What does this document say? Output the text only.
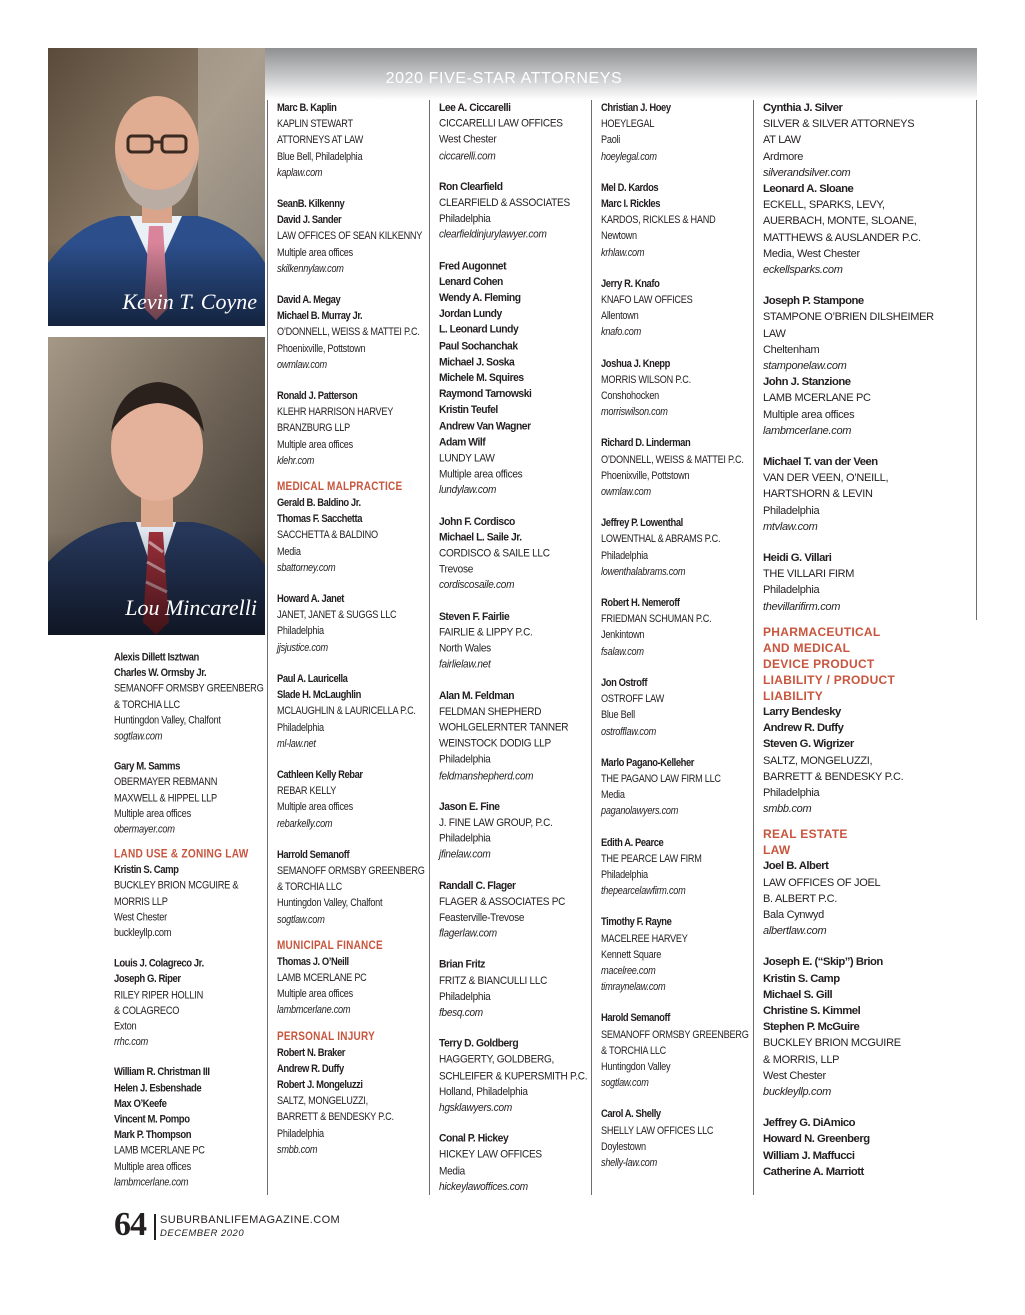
2020 FIVE-STAR ATTORNEYS
Kevin T. Coyne
Lou Mincarelli
Alexis Dillett Isztwan
Charles W. Ormsby Jr.
SEMANOFF ORMSBY GREENBERG
& TORCHIA LLC
Huntingdon Valley, Chalfont
sogtlaw.com
Gary M. Samms
OBERMAYER REBMANN
MAXWELL & HIPPEL LLP
Multiple area offices
obermayer.com
LAND USE & ZONING LAW
Kristin S. Camp
BUCKLEY BRION MCGUIRE &
MORRIS LLP
West Chester
buckleyllp.com
Louis J. Colagreco Jr.
Joseph G. Riper
RILEY RIPER HOLLIN
& COLAGRECO
Exton
rrhc.com
William R. Christman III
Helen J. Esbenshade
Max O’Keefe
Vincent M. Pompo
Mark P. Thompson
LAMB MCERLANE PC
Multiple area offices
lambmcerlane.com
Marc B. Kaplin
KAPLIN STEWART
ATTORNEYS AT LAW
Blue Bell, Philadelphia
kaplaw.com
SeanB. Kilkenny
David J. Sander
LAW OFFICES OF SEAN KILKENNY
Multiple area offices
skilkennylaw.com
David A. Megay
Michael B. Murray Jr.
O’DONNELL, WEISS & MATTEI P.C.
Phoenixville, Pottstown
owmlaw.com
Ronald J. Patterson
KLEHR HARRISON HARVEY
BRANZBURG LLP
Multiple area offices
klehr.com
MEDICAL MALPRACTICE
Gerald B. Baldino Jr.
Thomas F. Sacchetta
SACCHETTA & BALDINO
Media
sbattorney.com
Howard A. Janet
JANET, JANET & SUGGS LLC
Philadelphia
jjsjustice.com
Paul A. Lauricella
Slade H. McLaughlin
MCLAUGHLIN & LAURICELLA P.C.
Philadelphia
ml-law.net
Cathleen Kelly Rebar
REBAR KELLY
Multiple area offices
rebarkelly.com
Harrold Semanoff
SEMANOFF ORMSBY GREENBERG
& TORCHIA LLC
Huntingdon Valley, Chalfont
sogtlaw.com
MUNICIPAL FINANCE
Thomas J. O’Neill
LAMB MCERLANE PC
Multiple area offices
lambmcerlane.com
PERSONAL INJURY
Robert N. Braker
Andrew R. Duffy
Robert J. Mongeluzzi
SALTZ, MONGELUZZI,
BARRETT & BENDESKY P.C.
Philadelphia
smbb.com
Lee A. Ciccarelli
CICCARELLI LAW OFFICES
West Chester
ciccarelli.com
Ron Clearfield
CLEARFIELD & ASSOCIATES
Philadelphia
clearfieldinjurylawyer.com
Fred Augonnet
Lenard Cohen
Wendy A. Fleming
Jordan Lundy
L. Leonard Lundy
Paul Sochanchak
Michael J. Soska
Michele M. Squires
Raymond Tarnowski
Kristin Teufel
Andrew Van Wagner
Adam Wilf
LUNDY LAW
Multiple area offices
lundylaw.com
John F. Cordisco
Michael L. Saile Jr.
CORDISCO & SAILE LLC
Trevose
cordiscosaile.com
Steven F. Fairlie
FAIRLIE & LIPPY P.C.
North Wales
fairlielaw.net
Alan M. Feldman
FELDMAN SHEPHERD
WOHLGELERNTER TANNER
WEINSTOCK DODIG LLP
Philadelphia
feldmanshepherd.com
Jason E. Fine
J. FINE LAW GROUP, P.C.
Philadelphia
jfinelaw.com
Randall C. Flager
FLAGER & ASSOCIATES PC
Feasterville-Trevose
flagerlaw.com
Brian Fritz
FRITZ & BIANCULLI LLC
Philadelphia
fbesq.com
Terry D. Goldberg
HAGGERTY, GOLDBERG,
SCHLEIFER & KUPERSMITH P.C.
Holland, Philadelphia
hgsklawyers.com
Conal P. Hickey
HICKEY LAW OFFICES
Media
hickeylawoffices.com
Christian J. Hoey
HOEYLEGAL
Paoli
hoeylegal.com
Mel D. Kardos
Marc I. Rickles
KARDOS, RICKLES & HAND
Newtown
krhlaw.com
Jerry R. Knafo
KNAFO LAW OFFICES
Allentown
knafo.com
Joshua J. Knepp
MORRIS WILSON P.C.
Conshohocken
morriswilson.com
Richard D. Linderman
O’DONNELL, WEISS & MATTEI P.C.
Phoenixville, Pottstown
owmlaw.com
Jeffrey P. Lowenthal
LOWENTHAL & ABRAMS P.C.
Philadelphia
lowenthalabrams.com
Robert H. Nemeroff
FRIEDMAN SCHUMAN P.C.
Jenkintown
fsalaw.com
Jon Ostroff
OSTROFF LAW
Blue Bell
ostrofflaw.com
Marlo Pagano-Kelleher
THE PAGANO LAW FIRM LLC
Media
paganolawyers.com
Edith A. Pearce
THE PEARCE LAW FIRM
Philadelphia
thepearcelawfirm.com
Timothy F. Rayne
MACELREE HARVEY
Kennett Square
macelree.com
timraynelaw.com
Harold Semanoff
SEMANOFF ORMSBY GREENBERG
& TORCHIA LLC
Huntingdon Valley
sogtlaw.com
Carol A. Shelly
SHELLY LAW OFFICES LLC
Doylestown
shelly-law.com
Cynthia J. Silver
SILVER & SILVER ATTORNEYS
AT LAW
Ardmore
silverandsilver.com
Leonard A. Sloane
ECKELL, SPARKS, LEVY,
AUERBACH, MONTE, SLOANE,
MATTHEWS & AUSLANDER P.C.
Media, West Chester
eckellsparks.com
Joseph P. Stampone
STAMPONE O’BRIEN DILSHEIMER
LAW
Cheltenham
stamponelaw.com
John J. Stanzione
LAMB MCERLANE PC
Multiple area offices
lambmcerlane.com
Michael T. van der Veen
VAN DER VEEN, O’NEILL,
HARTSHORN & LEVIN
Philadelphia
mtvlaw.com
Heidi G. Villari
THE VILLARI FIRM
Philadelphia
thevillarifirm.com
PHARMACEUTICAL
AND MEDICAL
DEVICE PRODUCT
LIABILITY / PRODUCT
LIABILITY
Larry Bendesky
Andrew R. Duffy
Steven G. Wigrizer
SALTZ, MONGELUZZI,
BARRETT & BENDESKY P.C.
Philadelphia
smbb.com
REAL ESTATE
LAW
Joel B. Albert
LAW OFFICES OF JOEL
B. ALBERT P.C.
Bala Cynwyd
albertlaw.com
Joseph E. (“Skip”) Brion
Kristin S. Camp
Michael S. Gill
Christine S. Kimmel
Stephen P. McGuire
BUCKLEY BRION MCGUIRE
& MORRIS, LLP
West Chester
buckleyllp.com
Jeffrey G. DiAmico
Howard N. Greenberg
William J. Maffucci
Catherine A. Marriott
64 SUBURBANLIFEMAGAZINE.COM
DECEMBER 2020
